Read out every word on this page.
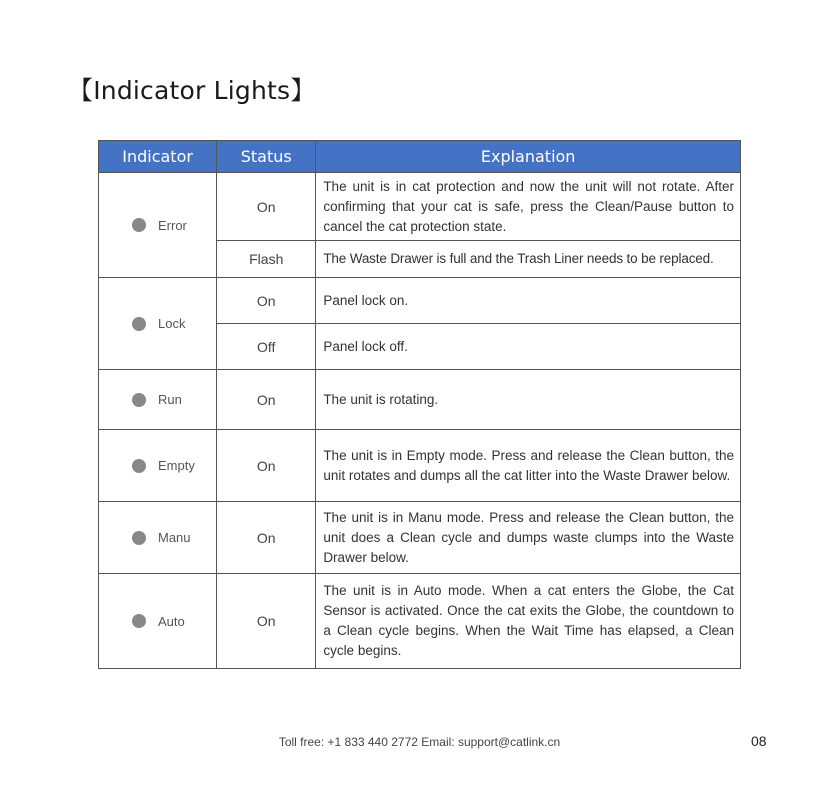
【Indicator Lights】
Indicator	Status	Explanation

Error	On	The unit is in cat protection and now the unit will not rotate. After confirming that your cat is safe, press the Clean/Pause button to cancel the cat protection state.
	Flash	The Waste Drawer is full and the Trash Liner needs to be replaced.

Lock	On	Panel lock on.
	Off	Panel lock off.

Run	On	The unit is rotating.

Empty	On	The unit is in Empty mode. Press and release the Clean button, the unit rotates and dumps all the cat litter into the Waste Drawer below.

Manu	On	The unit is in Manu mode. Press and release the Clean button, the unit does a Clean cycle and dumps waste clumps into the Waste Drawer below.

Auto	On	The unit is in Auto mode. When a cat enters the Globe, the Cat Sensor is activated. Once the cat exits the Globe, the countdown to a Clean cycle begins. When the Wait Time has elapsed, a Clean cycle begins.
Toll free: +1 833 440 2772 Email: support@catlink.cn	08
